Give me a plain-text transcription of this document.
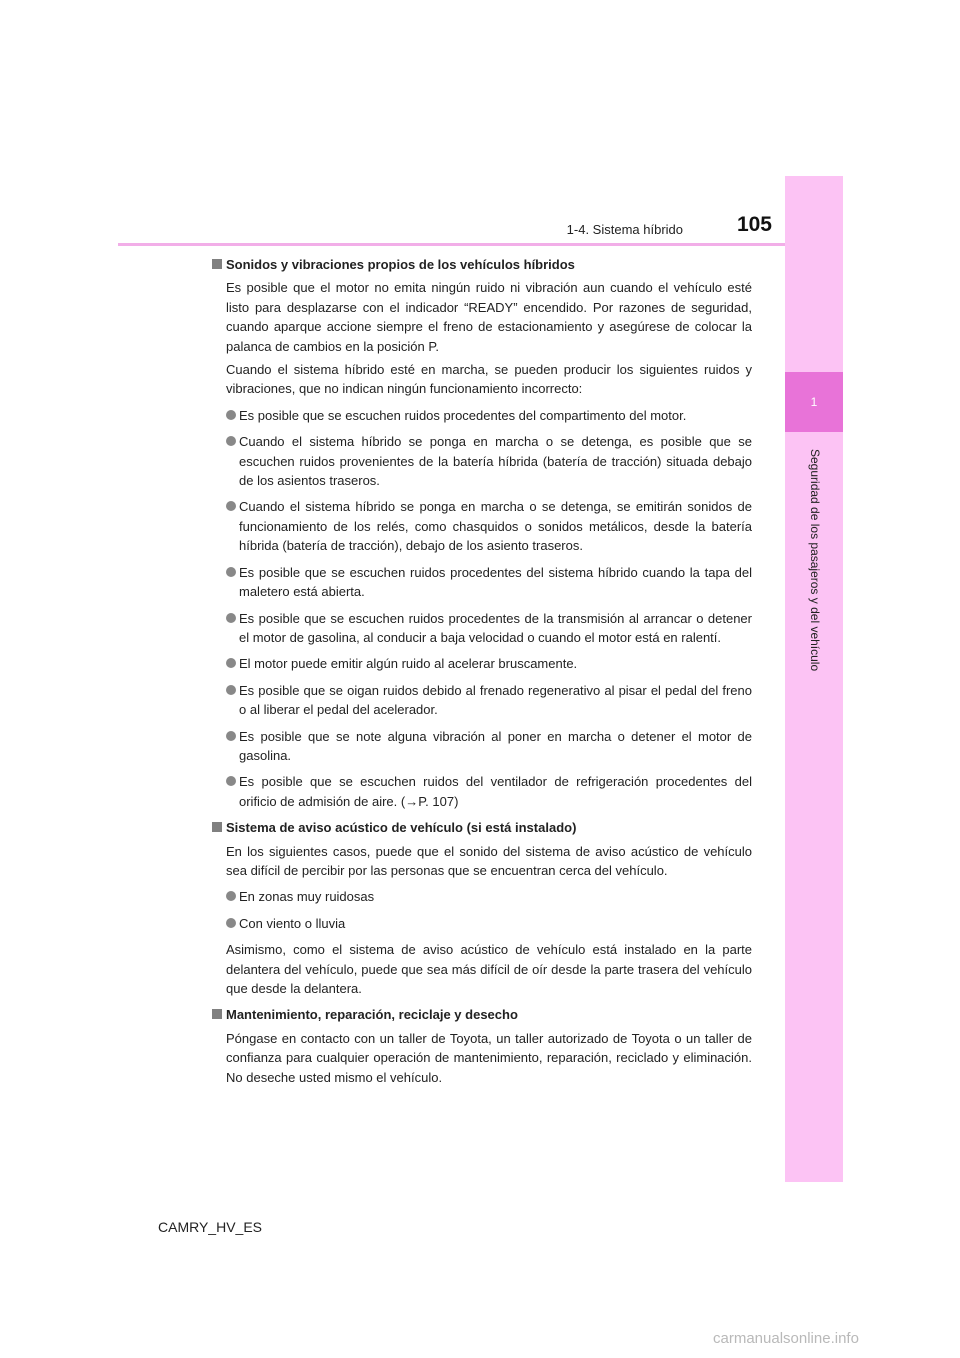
1
Seguridad de los pasajeros y del vehículo
1-4. Sistema híbrido	105
Sonidos y vibraciones propios de los vehículos híbridos

Es posible que el motor no emita ningún ruido ni vibración aun cuando el vehículo esté listo para desplazarse con el indicador “READY” encendido. Por razones de seguridad, cuando aparque accione siempre el freno de estacionamiento y asegúrese de colocar la palanca de cambios en la posición P.

Cuando el sistema híbrido esté en marcha, se pueden producir los siguientes ruidos y vibraciones, que no indican ningún funcionamiento incorrecto:

Es posible que se escuchen ruidos procedentes del compartimento del motor.
Cuando el sistema híbrido se ponga en marcha o se detenga, es posible que se escuchen ruidos provenientes de la batería híbrida (batería de tracción) situada debajo de los asientos traseros.
Cuando el sistema híbrido se ponga en marcha o se detenga, se emitirán sonidos de funcionamiento de los relés, como chasquidos o sonidos metálicos, desde la batería híbrida (batería de tracción), debajo de los asiento traseros.
Es posible que se escuchen ruidos procedentes del sistema híbrido cuando la tapa del maletero está abierta.
Es posible que se escuchen ruidos procedentes de la transmisión al arrancar o detener el motor de gasolina, al conducir a baja velocidad o cuando el motor está en ralentí.
El motor puede emitir algún ruido al acelerar bruscamente.
Es posible que se oigan ruidos debido al frenado regenerativo al pisar el pedal del freno o al liberar el pedal del acelerador.
Es posible que se note alguna vibración al poner en marcha o detener el motor de gasolina.
Es posible que se escuchen ruidos del ventilador de refrigeración procedentes del orificio de admisión de aire. (→P. 107)
Sistema de aviso acústico de vehículo (si está instalado)

En los siguientes casos, puede que el sonido del sistema de aviso acústico de vehículo sea difícil de percibir por las personas que se encuentran cerca del vehículo.

En zonas muy ruidosas
Con viento o lluvia

Asimismo, como el sistema de aviso acústico de vehículo está instalado en la parte delantera del vehículo, puede que sea más difícil de oír desde la parte trasera del vehículo que desde la delantera.

Mantenimiento, reparación, reciclaje y desecho

Póngase en contacto con un taller de Toyota, un taller autorizado de Toyota o un taller de confianza para cualquier operación de mantenimiento, reparación, reciclado y eliminación. No deseche usted mismo el vehículo.

CAMRY_HV_ES
carmanualsonline.info
